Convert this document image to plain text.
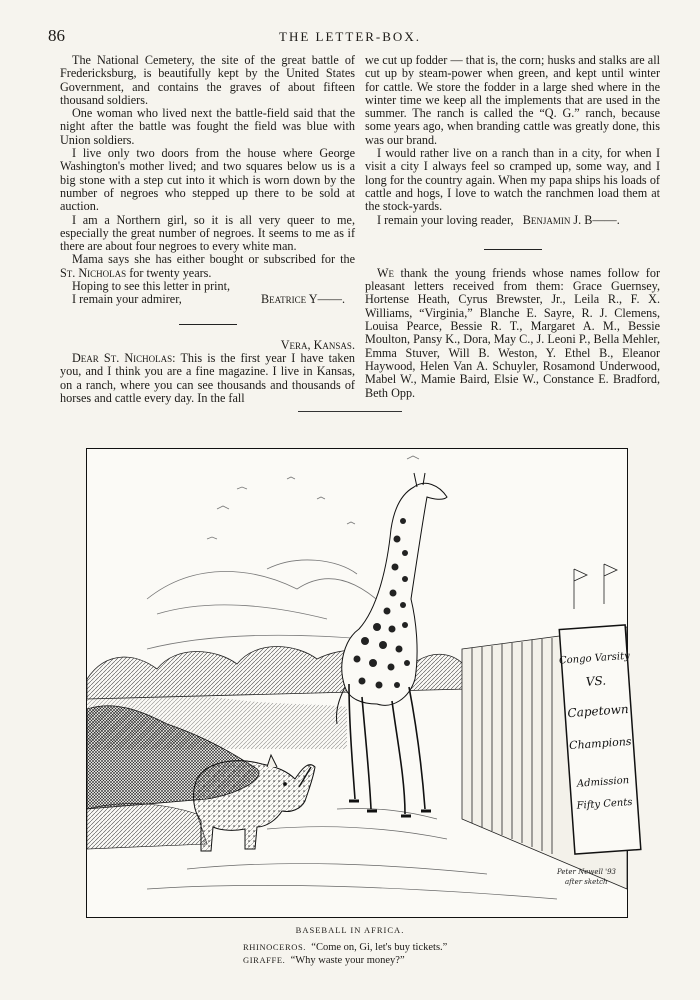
86	THE LETTER-BOX.

The National Cemetery, the site of the great battle of Fredericksburg, is beautifully kept by the United States Government, and contains the graves of about fifteen thousand soldiers.

One woman who lived next the battle-field said that the night after the battle was fought the field was blue with Union soldiers.

I live only two doors from the house where George Washington's mother lived; and two squares below us is a big stone with a step cut into it which is worn down by the number of negroes who stepped up there to be sold at auction.

I am a Northern girl, so it is all very queer to me, especially the great number of negroes. It seems to me as if there are about four negroes to every white man.

Mama says she has either bought or subscribed for the St. Nicholas for twenty years.

Hoping to see this letter in print,

I remain your admirer,	Beatrice Y——.

Vera, Kansas.

Dear St. Nicholas: This is the first year I have taken you, and I think you are a fine magazine. I live in Kansas, on a ranch, where you can see thousands and thousands of horses and cattle every day. In the fall

we cut up fodder — that is, the corn; husks and stalks are all cut up by steam-power when green, and kept until winter for cattle. We store the fodder in a large shed where in the winter time we keep all the implements that are used in the summer. The ranch is called the “Q. G.” ranch, because some years ago, when branding cattle was greatly done, this was our brand.

I would rather live on a ranch than in a city, for when I visit a city I always feel so cramped up, some way, and I long for the country again. When my papa ships his loads of cattle and hogs, I love to watch the ranchmen load them at the stock-yards.

I remain your loving reader, Benjamin J. B——.

We thank the young friends whose names follow for pleasant letters received from them: Grace Guernsey, Hortense Heath, Cyrus Brewster, Jr., Leila R., F. X. Williams, “Virginia,” Blanche E. Sayre, R. J. Clemens, Louisa Pearce, Bessie R. T., Margaret A. M., Bessie Moulton, Pansy K., Dora, May C., J. Leoni P., Bella Mehler, Emma Stuver, Will B. Weston, Y. Ethel B., Eleanor Haywood, Helen Van A. Schuyler, Rosamond Underwood, Mabel W., Mamie Baird, Elsie W., Constance E. Bradford, Beth Opp.

Congo Varsity
VS.
Capetown
Champions
Admission
Fifty Cents
Peter Newell '93
after sketch
BASEBALL IN AFRICA.
RHINOCEROS. “Come on, Gi, let's buy tickets.”
GIRAFFE. “Why waste your money?”
